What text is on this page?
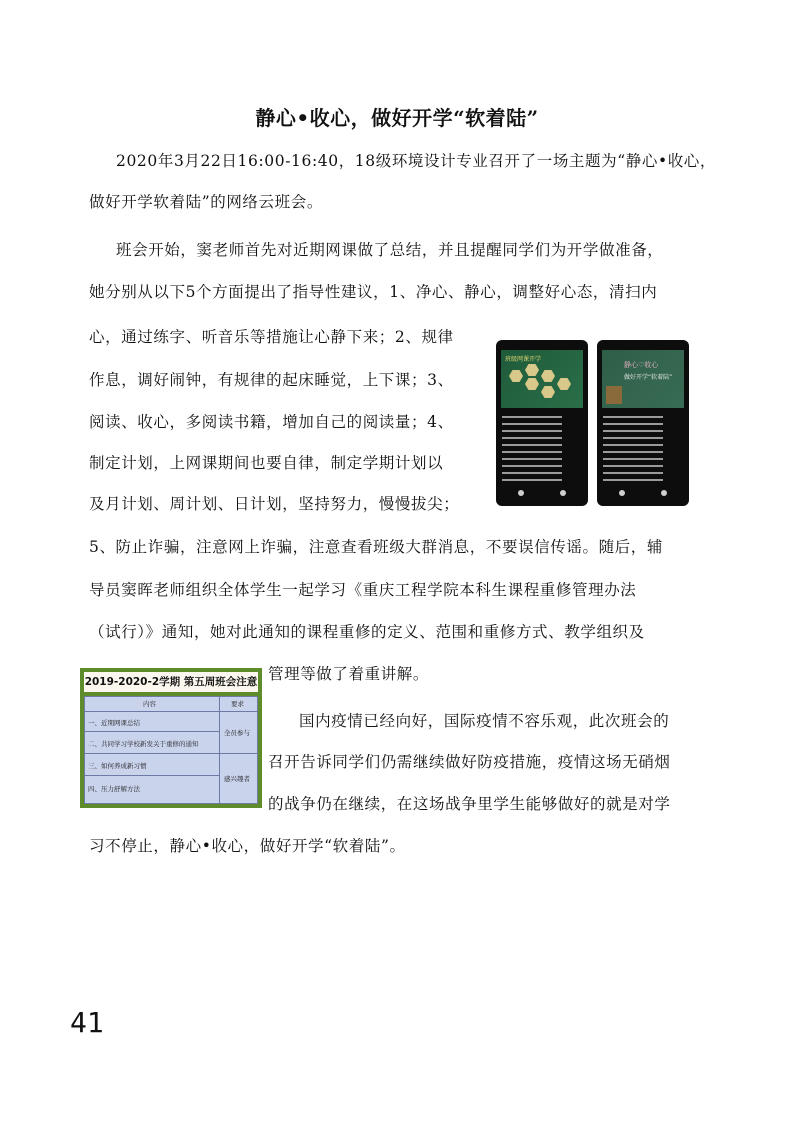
静心•收心，做好开学“软着陆”
2020年3月22日16:00-16:40，18级环境设计专业召开了一场主题为“静心•收心，
做好开学软着陆”的网络云班会。
班会开始，窦老师首先对近期网课做了总结，并且提醒同学们为开学做准备，
她分别从以下5个方面提出了指导性建议，1、净心、静心，调整好心态，清扫内
心，通过练字、听音乐等措施让心静下来；2、规律
作息，调好闹钟，有规律的起床睡觉，上下课；3、
阅读、收心，多阅读书籍，增加自己的阅读量；4、
制定计划，上网课期间也要自律，制定学期计划以
及月计划、周计划、日计划，坚持努力，慢慢拔尖；
5、防止诈骗，注意网上诈骗，注意查看班级大群消息，不要误信传谣。随后，辅
导员窦晖老师组织全体学生一起学习《重庆工程学院本科生课程重修管理办法
（试行）》通知，她对此通知的课程重修的定义、范围和重修方式、教学组织及
管理等做了着重讲解。
国内疫情已经向好，国际疫情不容乐观，此次班会的
召开告诉同学们仍需继续做好防疫措施，疫情这场无硝烟
的战争仍在继续，在这场战争里学生能够做好的就是对学
习不停止，静心•收心，做好开学“软着陆”。
班级网课开学
静心♡收心
做好开学“软着陆”
2019-2020-2学期 第五周班会注意
内容	要求
一、近期网课总结
二、共同学习学校新发关于重修的通知
三、如何养成新习惯
四、压力舒解方法
全员参与
感兴趣者
41
